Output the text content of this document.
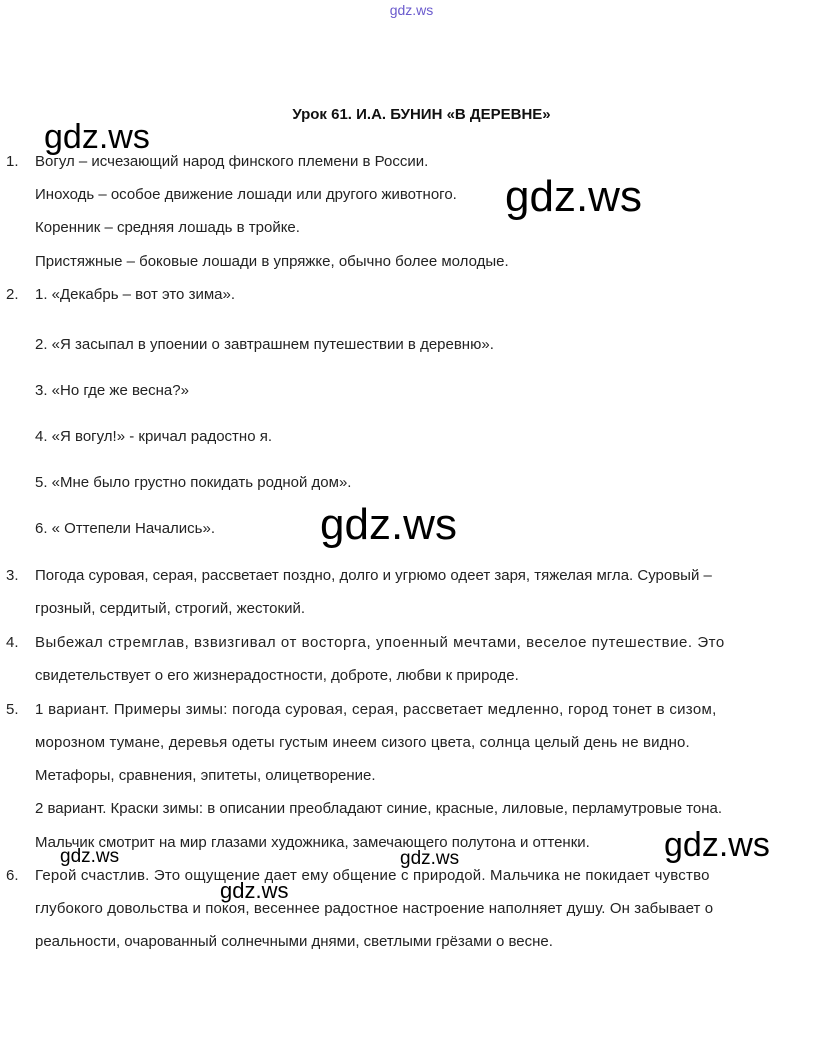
gdz.ws
Урок 61. И.А. БУНИН «В ДЕРЕВНЕ»
1. Вогул – исчезающий народ финского племени в России.
Иноходь – особое движение лошади или другого животного.
Коренник – средняя лошадь в тройке.
Пристяжные – боковые лошади в упряжке, обычно более молодые.
2. 1. «Декабрь – вот это зима».
2. «Я засыпал в упоении о завтрашнем путешествии в деревню».
3. «Но где же весна?»
4. «Я вогул!» - кричал радостно я.
5. «Мне было грустно покидать родной дом».
6. « Оттепели Начались».
3. Погода суровая, серая, рассветает поздно, долго и угрюмо одеет заря, тяжелая мгла. Суровый –
грозный, сердитый, строгий, жестокий.
4. Выбежал стремглав, взвизгивал от восторга, упоенный мечтами, веселое путешествие. Это
свидетельствует о его жизнерадостности, доброте, любви к природе.
5. 1 вариант. Примеры зимы: погода суровая, серая, рассветает медленно, город тонет в сизом,
морозном тумане, деревья одеты густым инеем сизого цвета, солнца целый день не видно.
Метафоры, сравнения, эпитеты, олицетворение.
2 вариант. Краски зимы: в описании преобладают синие, красные, лиловые, перламутровые тона.
Мальчик смотрит на мир глазами художника, замечающего полутона и оттенки.
6. Герой счастлив. Это ощущение дает ему общение с природой. Мальчика не покидает чувство
глубокого довольства и покоя, весеннее радостное настроение наполняет душу. Он забывает о
реальности, очарованный солнечными днями, светлыми грёзами о весне.
gdz.ws
gdz.ws
gdz.ws
gdz.ws
gdz.ws	gdz.ws
gdz.ws
